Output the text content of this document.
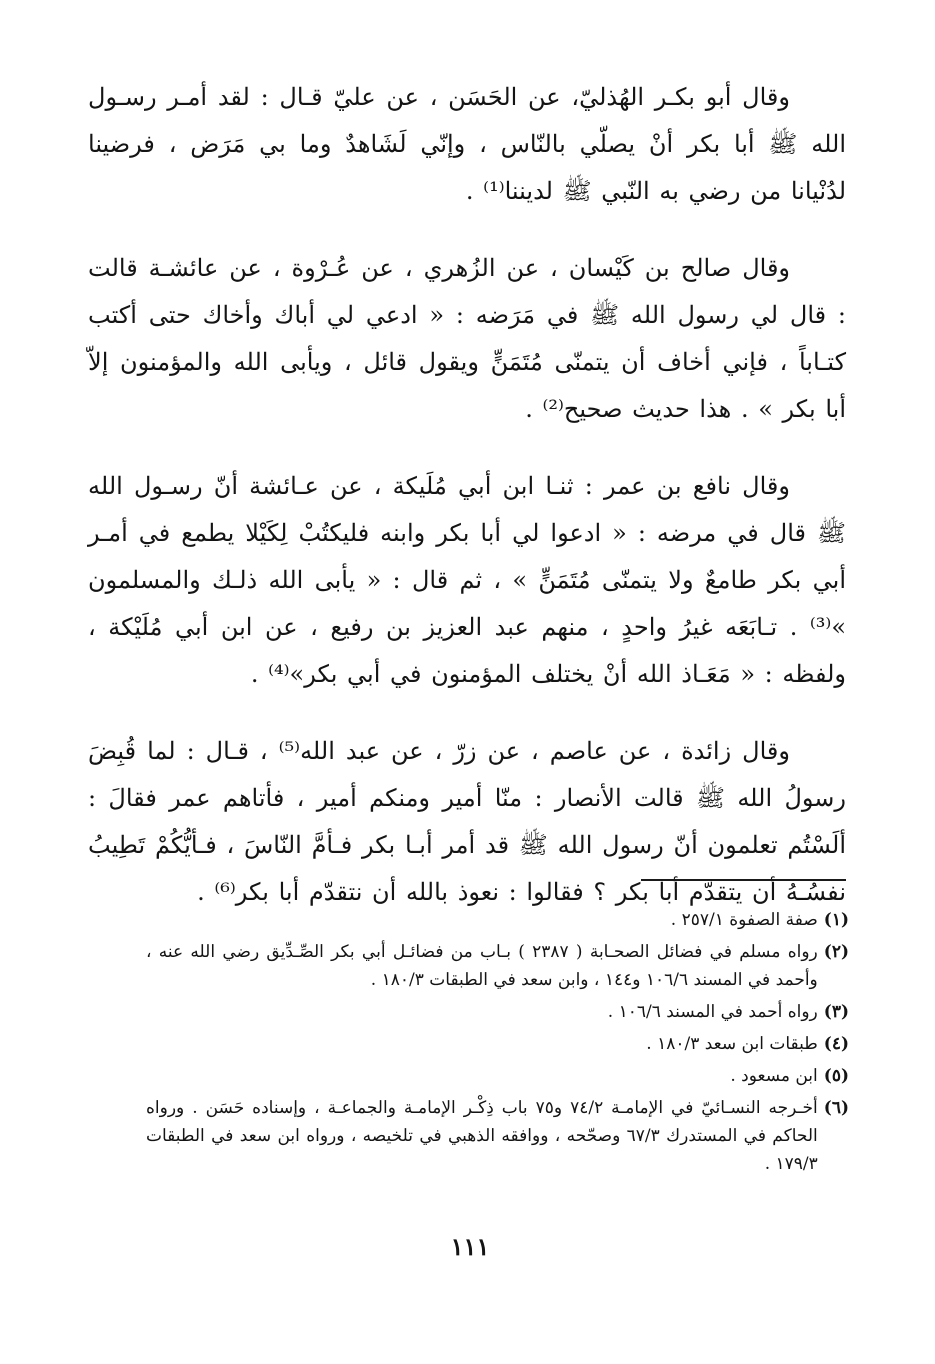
وقال أبو بكـر الهُذليّ، عن الحَسَن ، عن عليّ قـال : لقد أمـر رسـول الله ﷺ أبا بكر أنْ يصلّي بالنّاس ، وإنّي لَشَاهدٌ وما بي مَرَض ، فرضينا لدُنْيانا من رضي به النّبي ﷺ لديننا⁽¹⁾ .

وقال صالح بن كَيْسان ، عن الزُهري ، عن عُـرْوة ، عن عائشـة قالت : قال لي رسول الله ﷺ في مَرَضه : « ادعي لي أباك وأخاك حتى أكتب كتـاباً ، فإني أخاف أن يتمنّى مُتَمَنٍّ ويقول قائل ، ويأبى الله والمؤمنون إلاّ أبا بكر » . هذا حديث صحيح⁽²⁾ .

وقال نافع بن عمر : ثنـا ابن أبي مُلَيكة ، عن عـائشة أنّ رسـول الله ﷺ قال في مرضه : « ادعوا لي أبا بكر وابنه فليكتُبْ لِكَيْلا يطمع في أمـر أبي بكر طامعٌ ولا يتمنّى مُتَمَنٍّ » ، ثم قال : « يأبى الله ذلـك والمسلمون »⁽³⁾ . تـابَعَه غيرُ واحدٍ ، منهم عبد العزيز بن رفيع ، عن ابن أبي مُلَيْكة ، ولفظه : « مَعَـاذ الله أنْ يختلف المؤمنون في أبي بكر»⁽⁴⁾ .

وقال زائدة ، عن عاصم ، عن زرّ ، عن عبد الله⁽⁵⁾ ، قـال : لما قُبِضَ رسولُ الله ﷺ قالت الأنصار : منّا أمير ومنكم أمير ، فأتاهم عمر فقالَ : ألَسْتُم تعلمون أنّ رسول الله ﷺ قد أمر أبـا بكر فـأمَّ النّاسَ ، فـأيُّكُمْ تَطِيبُ نفسُـهُ أن يتقدّم أبا بكر ؟ فقالوا : نعوذ بالله أن نتقدّم أبا بكر⁽⁶⁾ .

(١)
صفة الصفوة ٢٥٧/١ .
(٢)
رواه مسلم في فضائل الصحـابة ( ٢٣٨٧ ) بـاب من فضائـل أبي بكر الصِّـدِّيق رضي الله عنه ، وأحمد في المسند ١٠٦/٦ و١٤٤ ، وابن سعد في الطبقات ١٨٠/٣ .
(٣)
رواه أحمد في المسند ١٠٦/٦ .
(٤)
طبقات ابن سعد ١٨٠/٣ .
(٥)
ابن مسعود .
(٦)
أخـرجه النسـائيّ في الإمامـة ٧٤/٢ و٧٥ باب ذِكْـر الإمامـة والجماعـة ، وإسناده حَسَن . ورواه الحاكم في المستدرك ٦٧/٣ وصحّحه ، ووافقه الذهبي في تلخيصه ، ورواه ابن سعد في الطبقات ١٧٩/٣ .
١١١
